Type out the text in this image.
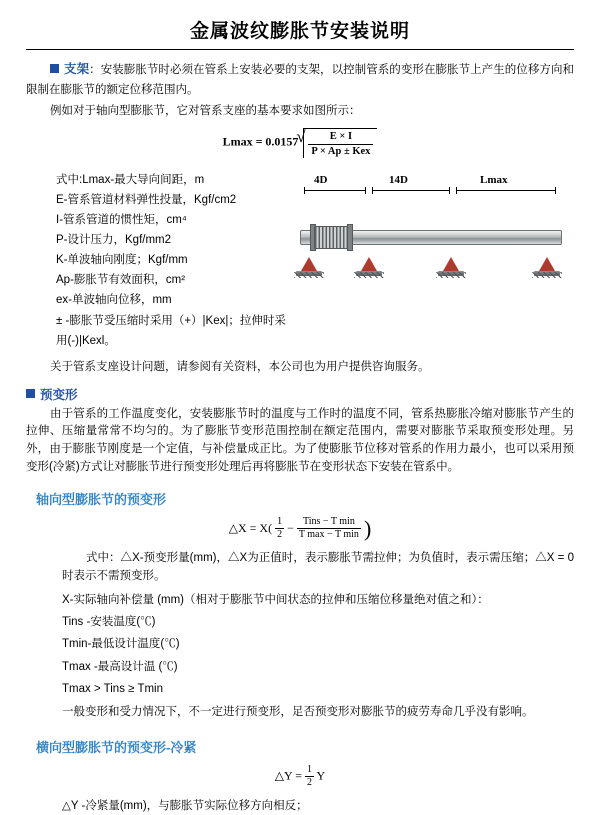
金属波纹膨胀节安装说明

支架：安装膨胀节时必须在管系上安装必要的支架，以控制管系的变形在膨胀节上产生的位移方向和限制在膨胀节的额定位移范围内。

例如对于轴向型膨胀节，它对管系支座的基本要求如图所示：

Lmax = 0.0157 √ $\frac{E \times I}{\text{P × Ap ± Kex}}$
式中:Lmax-最大导向间距，m
E-管系管道材料弹性投量，Kgf/cm2
I-管系管道的惯性矩，cm⁴
P-设计压力，Kgf/mm2
K-单波轴向刚度；Kgf/mm
Ap-膨胀节有效面积，cm²
ex-单波轴向位移，mm
± -膨胀节受压缩时采用（+）|Kex|；拉伸时采用(-)|Kexl。
4D	14D	Lmax

关于管系支座设计问题，请参阅有关资料，本公司也为用户提供咨询服务。

预变形

由于管系的工作温度变化，安装膨胀节时的温度与工作时的温度不同，管系热膨胀冷缩对膨胀节产生的拉伸、压缩量常常不均匀的。为了膨胀节变形范围控制在额定范围内，需要对膨胀节采取预变形处理。另外，由于膨胀节刚度是一个定值，与补偿量成正比。为了使膨胀节位移对管系的作用力最小，也可以采用预变形(冷紧)方式让对膨胀节进行预变形处理后再将膨胀节在变形状态下安装在管系中。

轴向型膨胀节的预变形
△X = $X( \frac{1}{2} - \frac{\text{Tins − T min}}{\text{T max − T min}}$ )

式中：△X-预变形量(mm)，△X为正值时，表示膨胀节需拉伸；为负值时，表示需压缩；△X = 0时表示不需预变形。

X-实际轴向补偿量 (mm)（相对于膨胀节中间状态的拉伸和压缩位移量绝对值之和）：
Tins -安装温度(℃)
Tmin-最低设计温度(℃)
Tmax -最高设计温 (℃)
Tmax > Tins ≥ Tmin
一般变形和受力情况下，不一定进行预变形，足否预变形对膨胀节的疲劳寿命几乎没有影响。
横向型膨胀节的预变形-冷紧
△Y = $\frac{1}{2}$ Y
△Y -冷紧量(mm)，与膨胀节实际位移方向相反；
